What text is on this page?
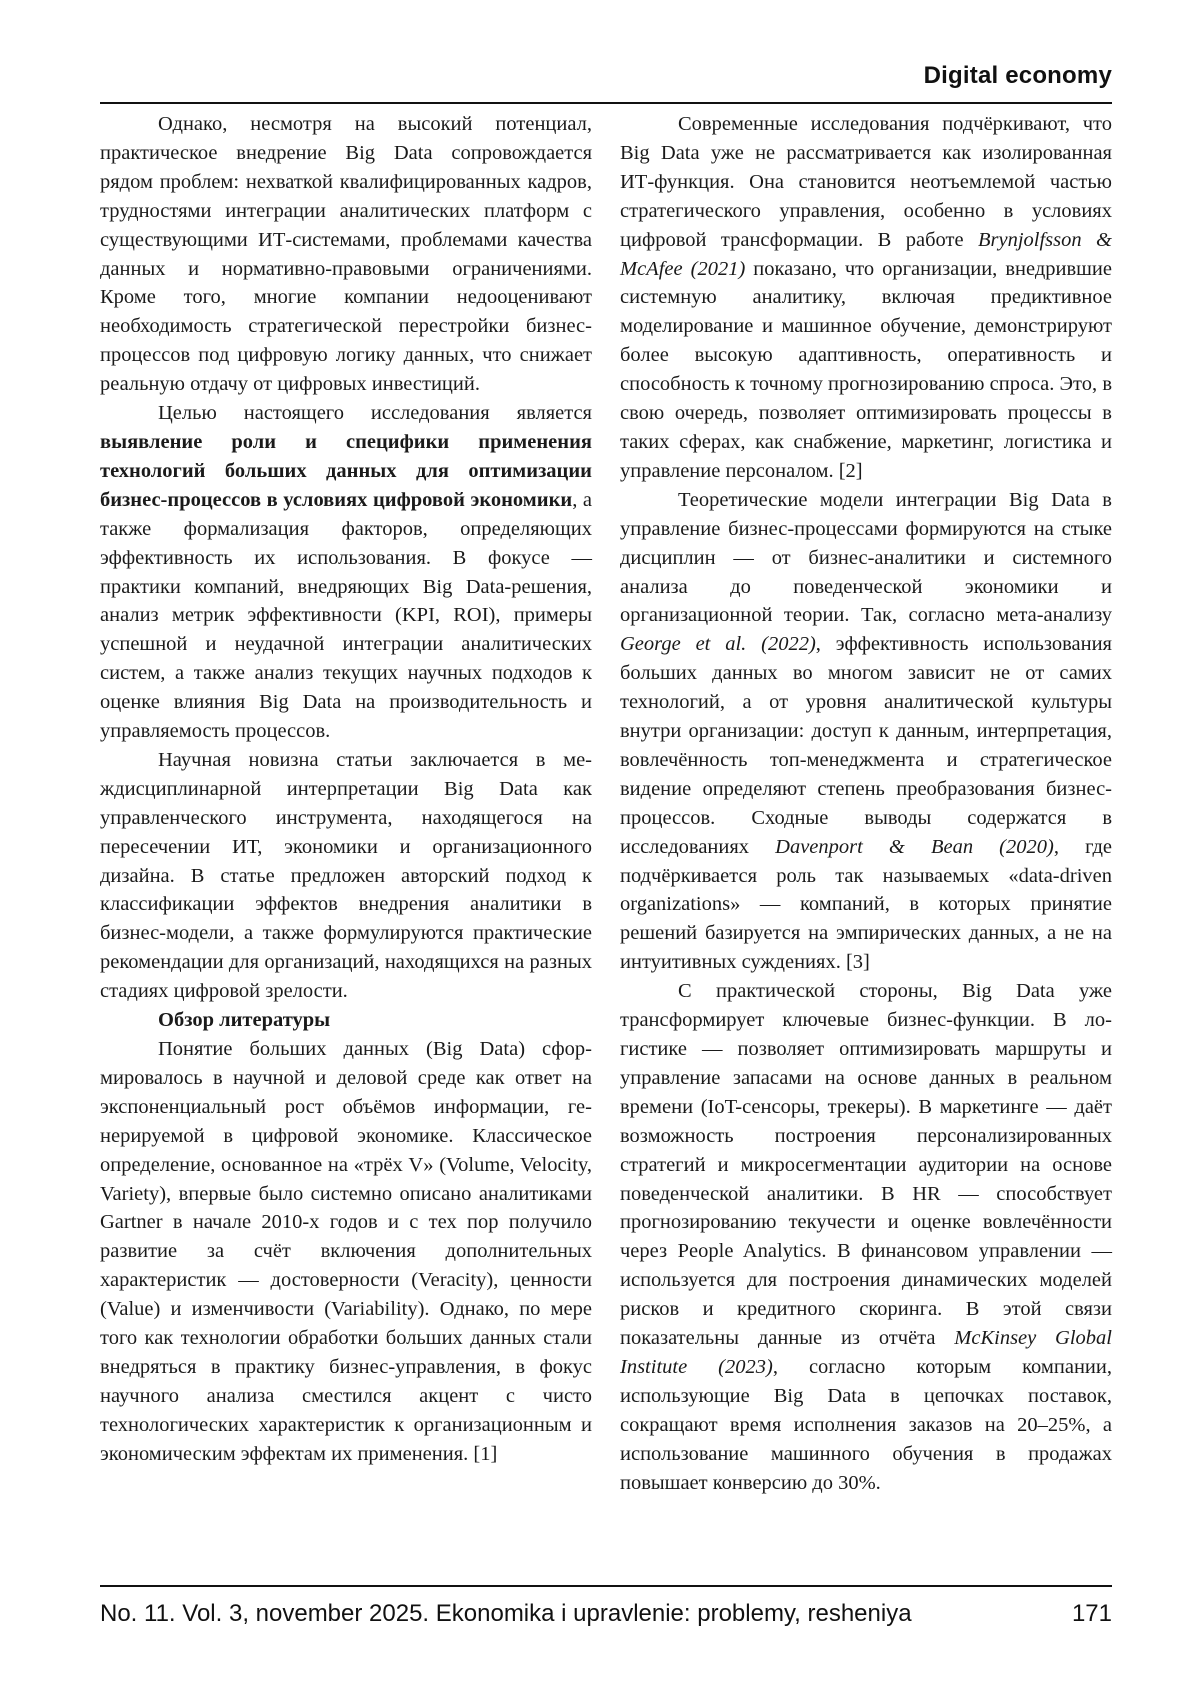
Digital economy

Однако, несмотря на высокий потенциал, практическое внедрение Big Data сопровождается рядом проблем: нехваткой квалифицированных кадров, трудностями интеграции аналитических платформ с существующими ИТ-системами, проблемами качества данных и нормативно-правовыми ограничениями. Кроме того, многие компании недооценивают необходимость стратегической перестройки бизнес-процессов под цифровую логику данных, что снижает реальную отдачу от цифровых инвестиций.

Целью настоящего исследования является выявление роли и специфики применения технологий больших данных для оптимизации бизнес-процессов в условиях цифровой экономики, а также формализация факторов, определяющих эффективность их использования. В фокусе — практики компаний, внедряющих Big Data-решения, анализ метрик эффективности (KPI, ROI), примеры успешной и неудачной интеграции аналитических систем, а также анализ текущих научных подходов к оценке влияния Big Data на производительность и управляемость процессов.

Научная новизна статьи заключается в междисциплинарной интерпретации Big Data как управленческого инструмента, находящегося на пересечении ИТ, экономики и организационного дизайна. В статье предложен авторский подход к классификации эффектов внедрения аналитики в бизнес-модели, а также формулируются практические рекомендации для организаций, находящихся на разных стадиях цифровой зрелости.

Обзор литературы

Понятие больших данных (Big Data) сформировалось в научной и деловой среде как ответ на экспоненциальный рост объёмов информации, генерируемой в цифровой экономике. Классическое определение, основанное на «трёх V» (Volume, Velocity, Variety), впервые было системно описано аналитиками Gartner в начале 2010-х годов и с тех пор получило развитие за счёт включения дополнительных характеристик — достоверности (Veracity), ценности (Value) и изменчивости (Variability). Однако, по мере того как технологии обработки больших данных стали внедряться в практику бизнес-управления, в фокус научного анализа сместился акцент с чисто технологических характеристик к организационным и экономическим эффектам их применения. [1]

Современные исследования подчёркивают, что Big Data уже не рассматривается как изолированная ИТ-функция. Она становится неотъемлемой частью стратегического управления, особенно в условиях цифровой трансформации. В работе Brynjolfsson & McAfee (2021) показано, что организации, внедрившие системную аналитику, включая предиктивное моделирование и машинное обучение, демонстрируют более высокую адаптивность, оперативность и способность к точному прогнозированию спроса. Это, в свою очередь, позволяет оптимизировать процессы в таких сферах, как снабжение, маркетинг, логистика и управление персоналом. [2]

Теоретические модели интеграции Big Data в управление бизнес-процессами формируются на стыке дисциплин — от бизнес-аналитики и системного анализа до поведенческой экономики и организационной теории. Так, согласно мета-анализу George et al. (2022), эффективность использования больших данных во многом зависит не от самих технологий, а от уровня аналитической культуры внутри организации: доступ к данным, интерпретация, вовлечённость топ-менеджмента и стратегическое видение определяют степень преобразования бизнес-процессов. Сходные выводы содержатся в исследованиях Davenport & Bean (2020), где подчёркивается роль так называемых «data-driven organizations» — компаний, в которых принятие решений базируется на эмпирических данных, а не на интуитивных суждениях. [3]

С практической стороны, Big Data уже трансформирует ключевые бизнес-функции. В логистике — позволяет оптимизировать маршруты и управление запасами на основе данных в реальном времени (IoT-сенсоры, трекеры). В маркетинге — даёт возможность построения персонализированных стратегий и микросегментации аудитории на основе поведенческой аналитики. В HR — способствует прогнозированию текучести и оценке вовлечённости через People Analytics. В финансовом управлении — используется для построения динамических моделей рисков и кредитного скоринга. В этой связи показательны данные из отчёта McKinsey Global Institute (2023), согласно которым компании, использующие Big Data в цепочках поставок, сокращают время исполнения заказов на 20–25%, а использование машинного обучения в продажах повышает конверсию до 30%.

No. 11. Vol. 3, november 2025. Ekonomika i upravlenie: problemy, resheniya	171
